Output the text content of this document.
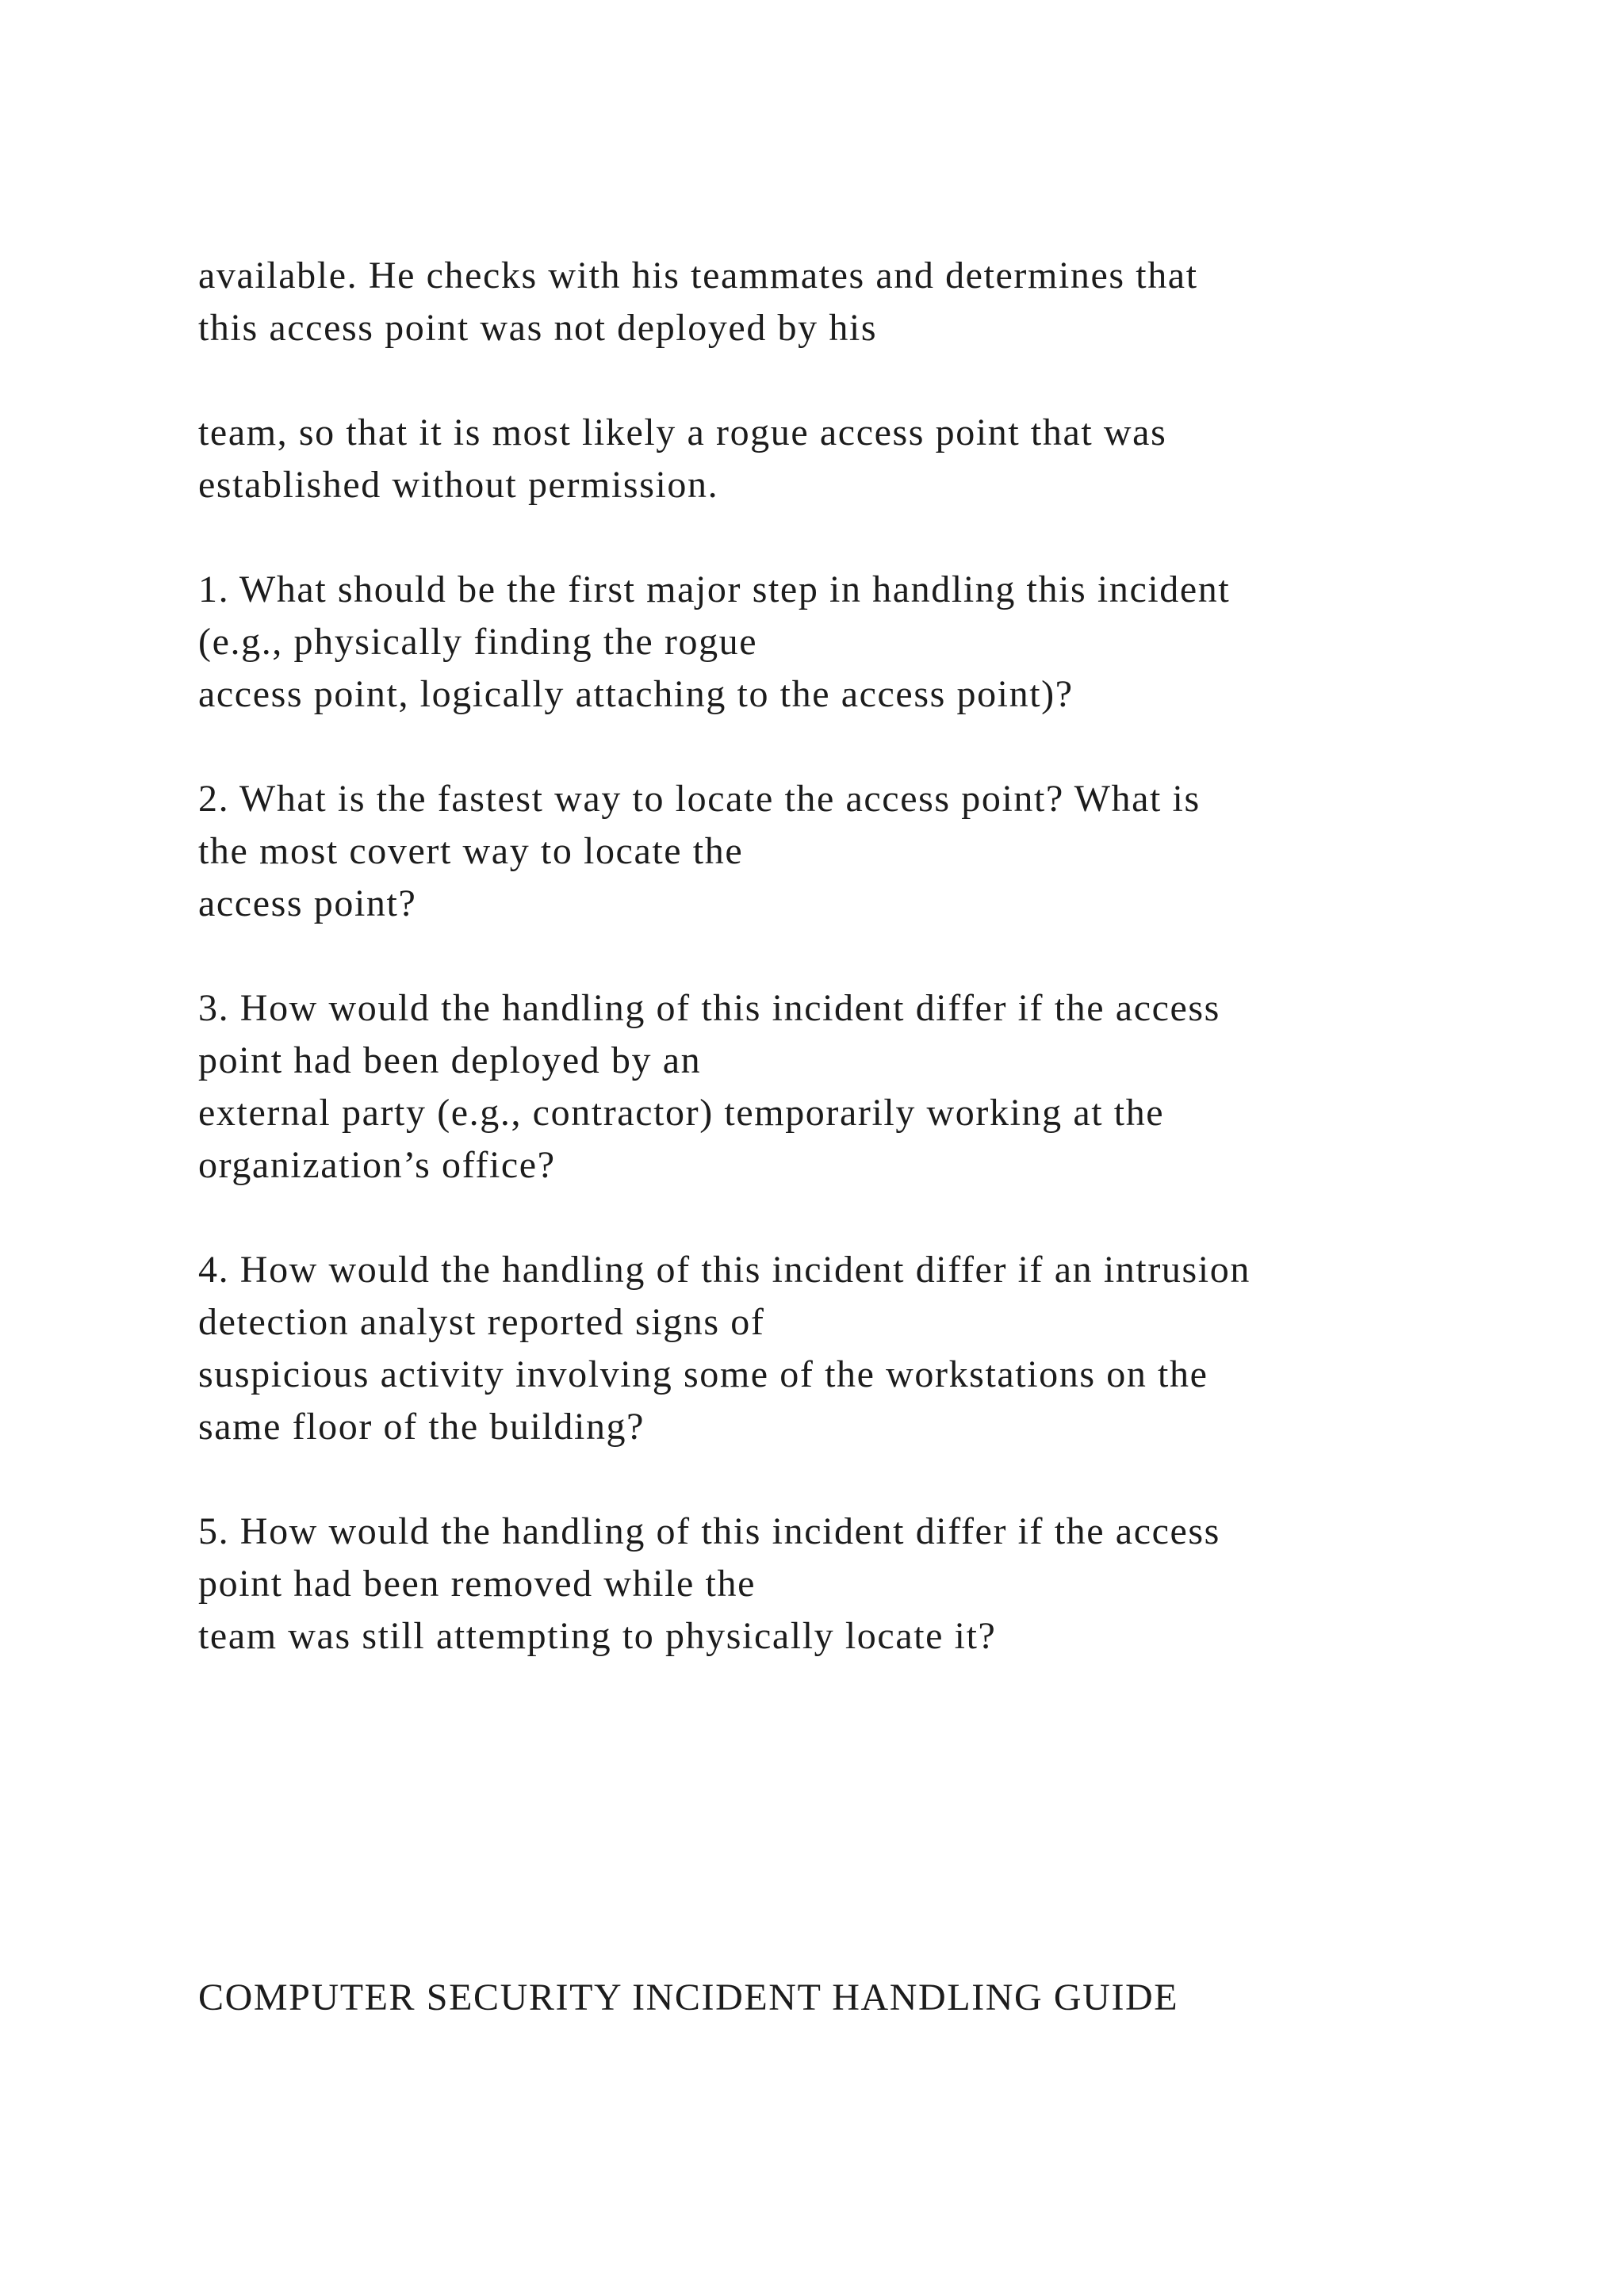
available. He checks with his teammates and determines that

this access point was not deployed by his

team, so that it is most likely a rogue access point that was

established without permission.

1. What should be the first major step in handling this incident

(e.g., physically finding the rogue

access point, logically attaching to the access point)?

2. What is the fastest way to locate the access point? What is

the most covert way to locate the

access point?

3. How would the handling of this incident differ if the access

point had been deployed by an

external party (e.g., contractor) temporarily working at the

organization’s office?

4. How would the handling of this incident differ if an intrusion

detection analyst reported signs of

suspicious activity involving some of the workstations on the

same floor of the building?

5. How would the handling of this incident differ if the access

point had been removed while the

team was still attempting to physically locate it?

COMPUTER SECURITY INCIDENT HANDLING GUIDE
